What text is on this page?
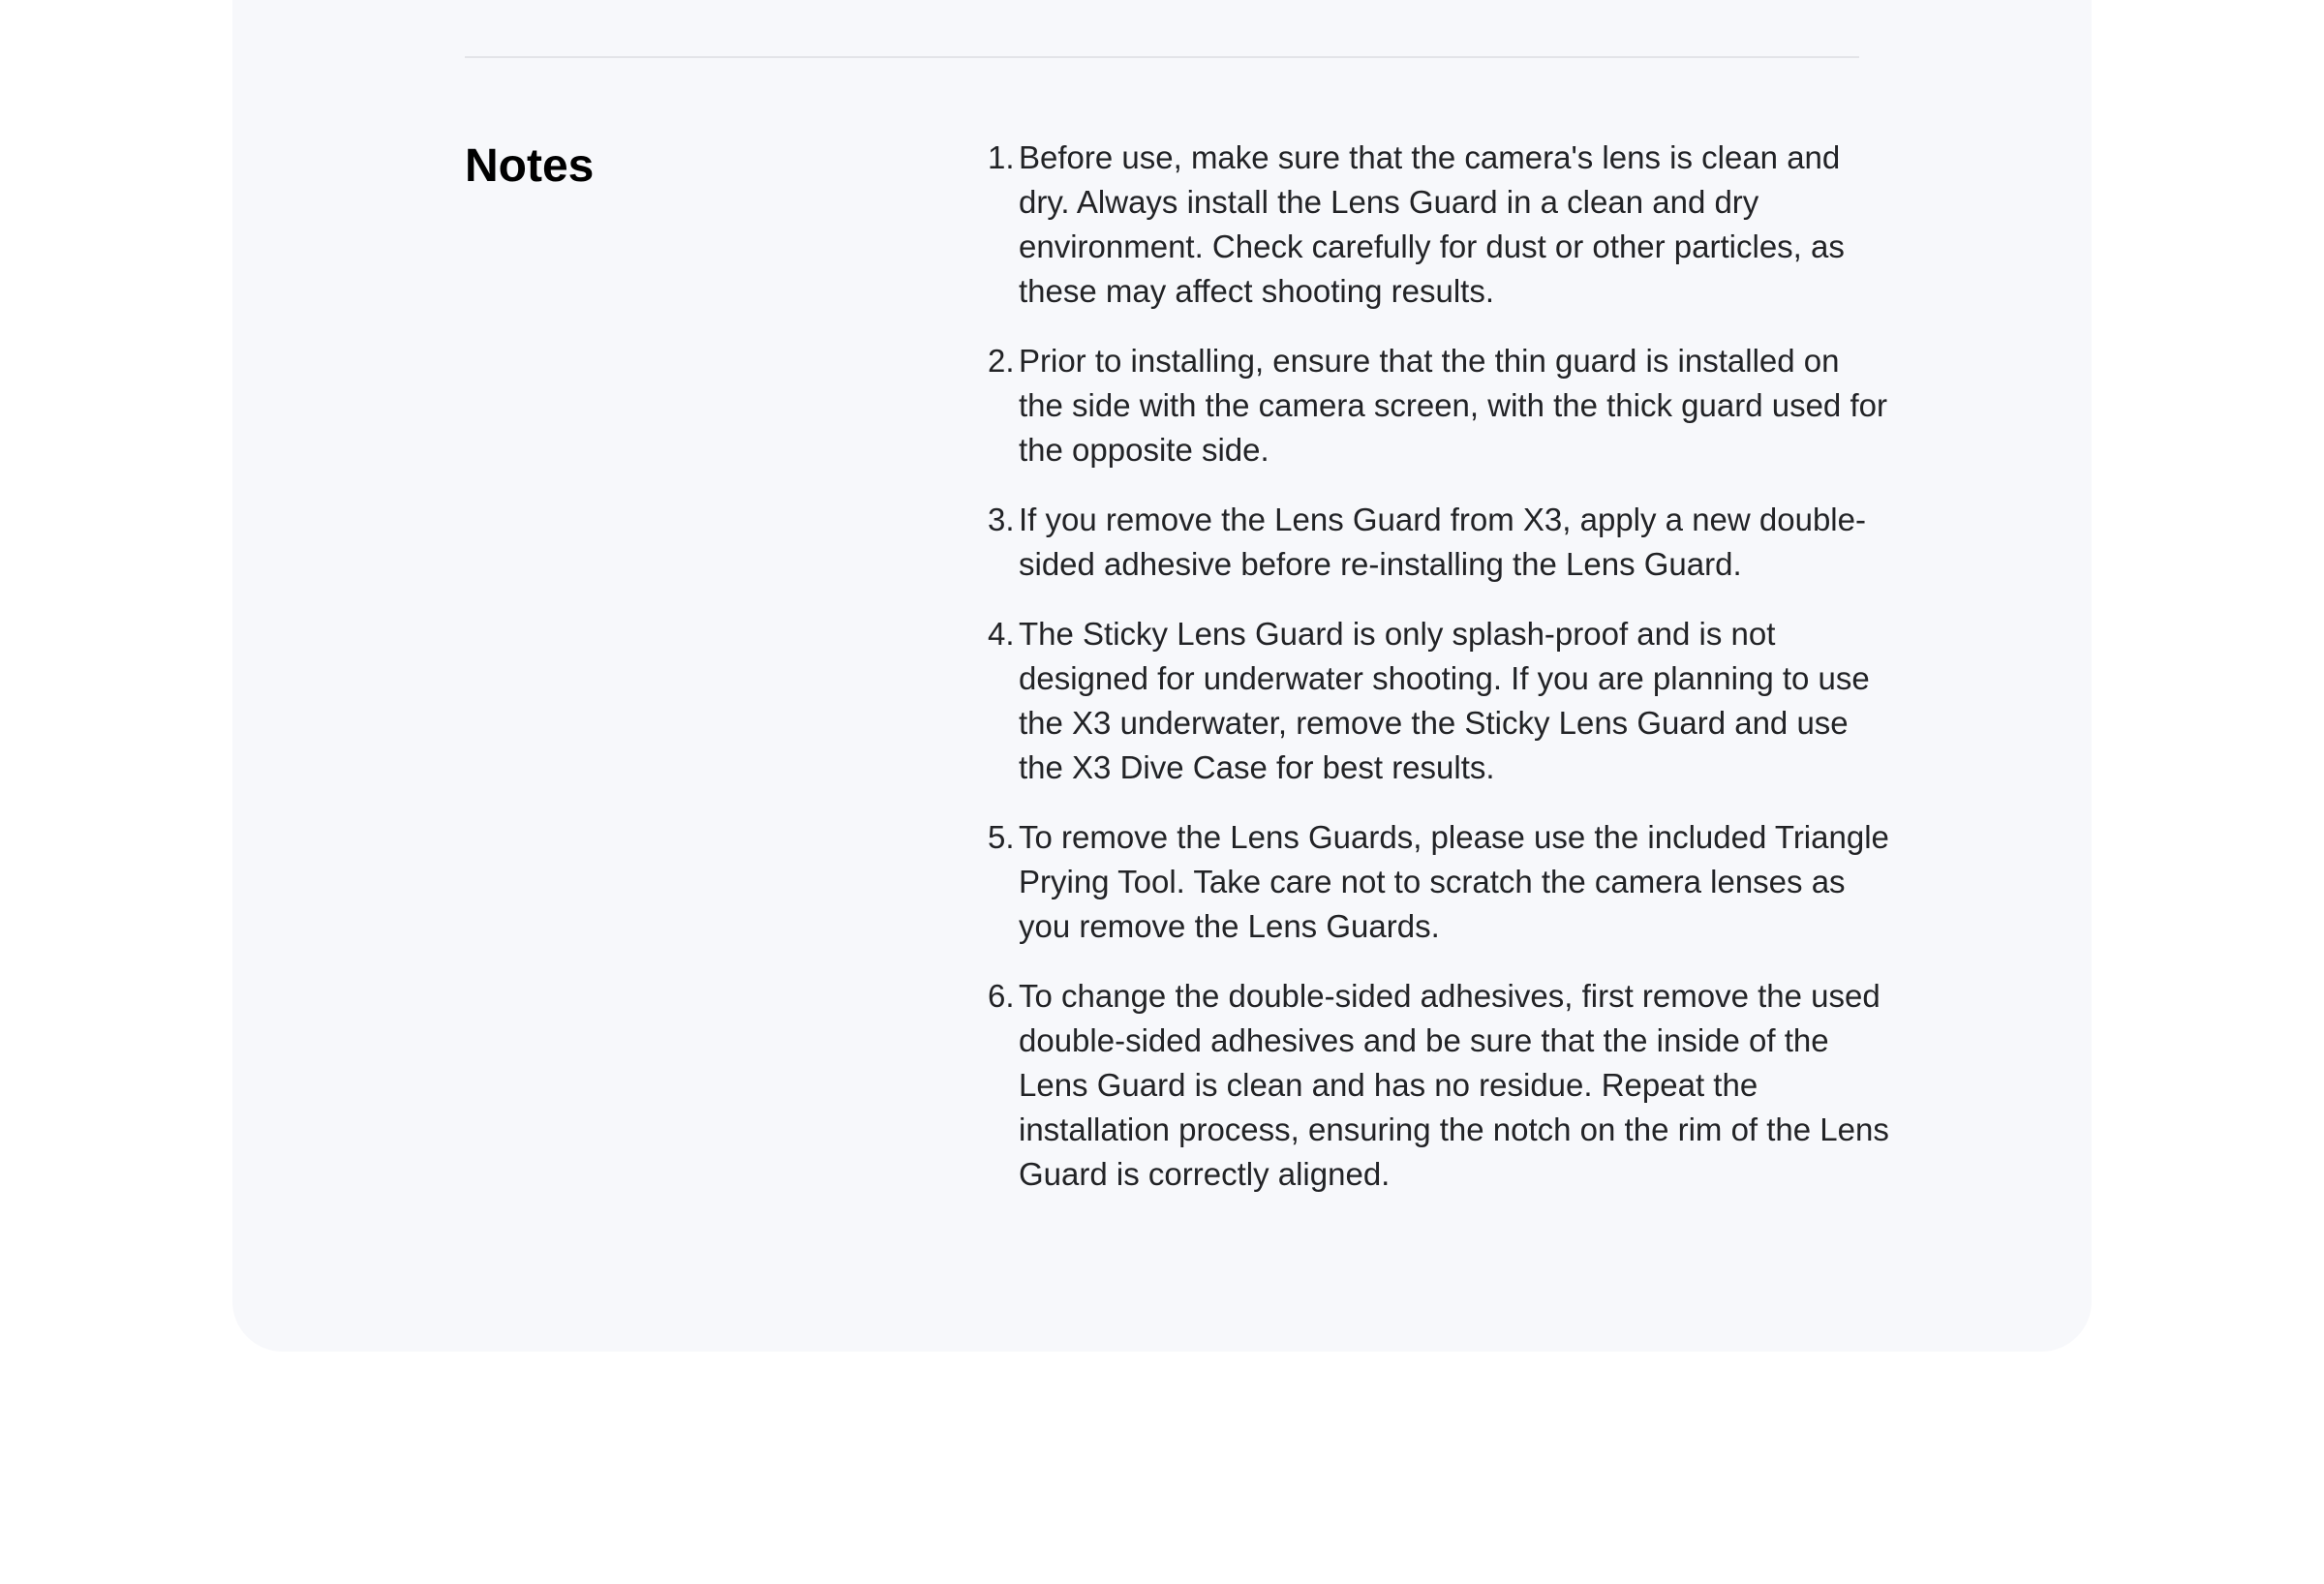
Notes	Before use, make sure that the camera's lens is clean and dry. Always install the Lens Guard in a clean and dry environment. Check carefully for dust or other particles, as these may affect shooting results.
Prior to installing, ensure that the thin guard is installed on the side with the camera screen, with the thick guard used for the opposite side.
If you remove the Lens Guard from X3, apply a new double-sided adhesive before re-installing the Lens Guard.
The Sticky Lens Guard is only splash-proof and is not designed for underwater shooting. If you are planning to use the X3 underwater, remove the Sticky Lens Guard and use the X3 Dive Case for best results.
To remove the Lens Guards, please use the included Triangle Prying Tool. Take care not to scratch the camera lenses as you remove the Lens Guards.
To change the double-sided adhesives, first remove the used double-sided adhesives and be sure that the inside of the Lens Guard is clean and has no residue. Repeat the installation process, ensuring the notch on the rim of the Lens Guard is correctly aligned.
